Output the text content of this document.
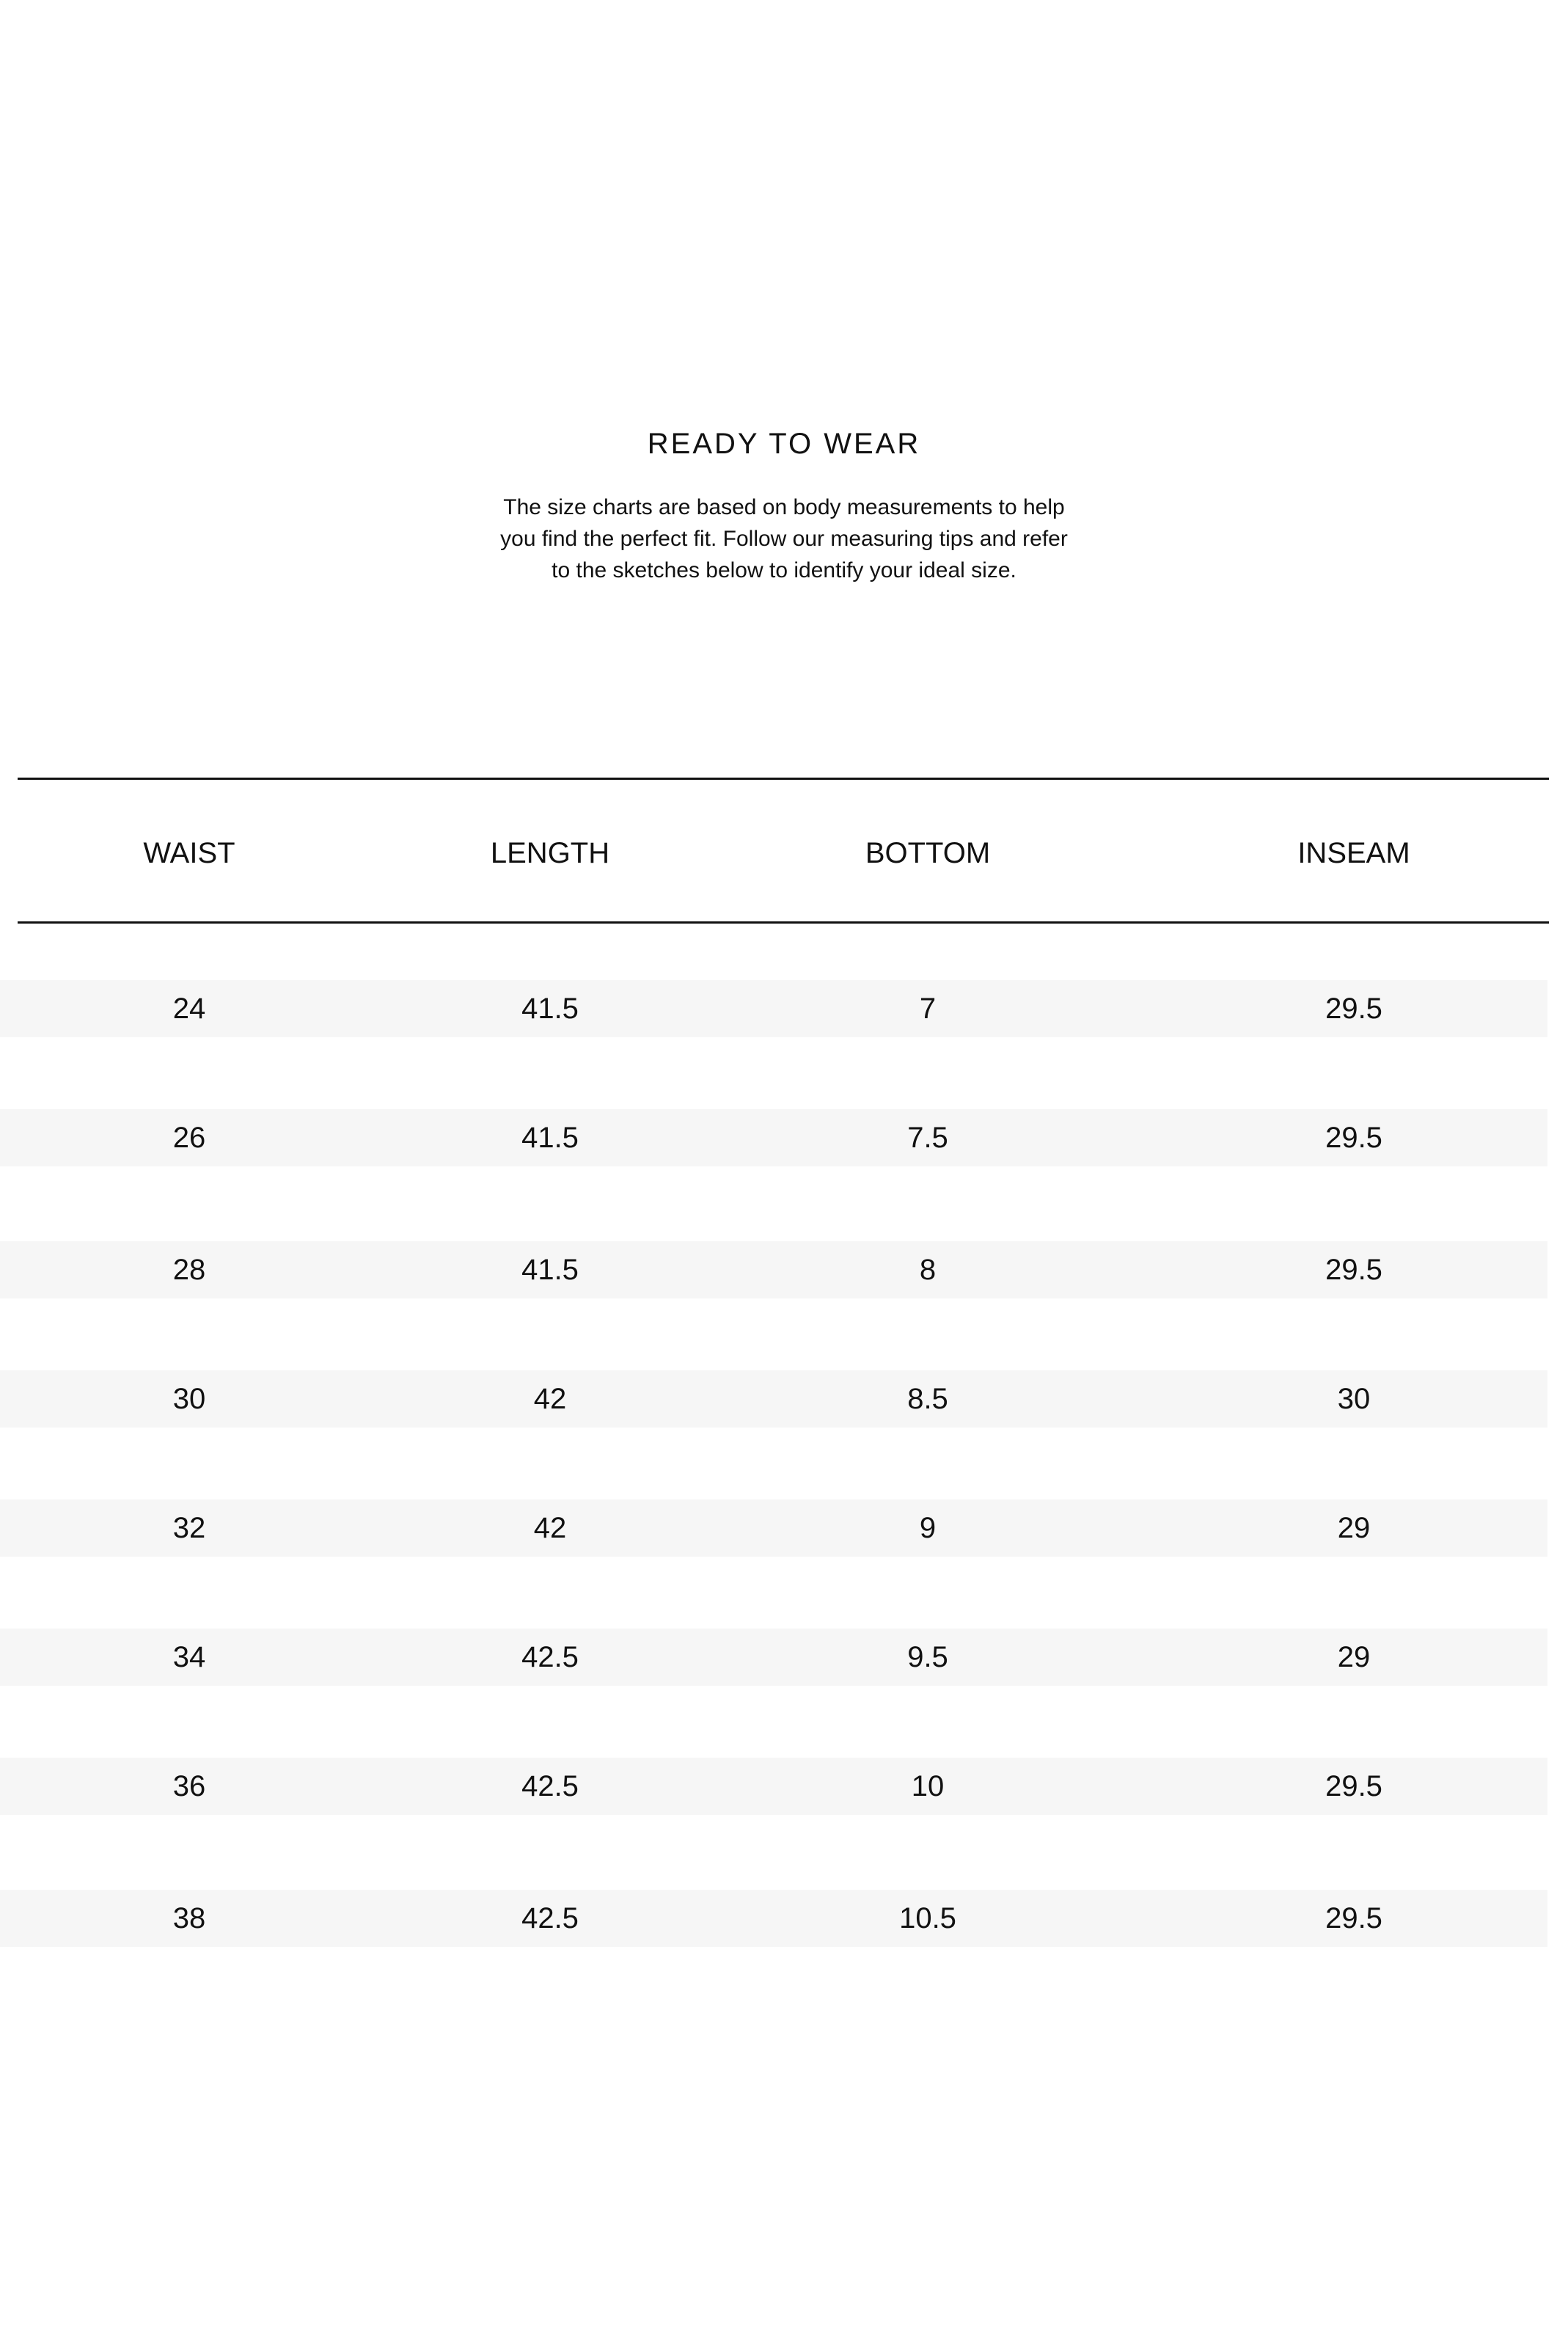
READY TO WEAR

The size charts are based on body measurements to help
you find the perfect fit. Follow our measuring tips and refer
to the sketches below to identify your ideal size.

WAIST	LENGTH	BOTTOM	INSEAM
24	41.5	7	29.5
26	41.5	7.5	29.5
28	41.5	8	29.5
30	42	8.5	30
32	42	9	29
34	42.5	9.5	29
36	42.5	10	29.5
38	42.5	10.5	29.5
